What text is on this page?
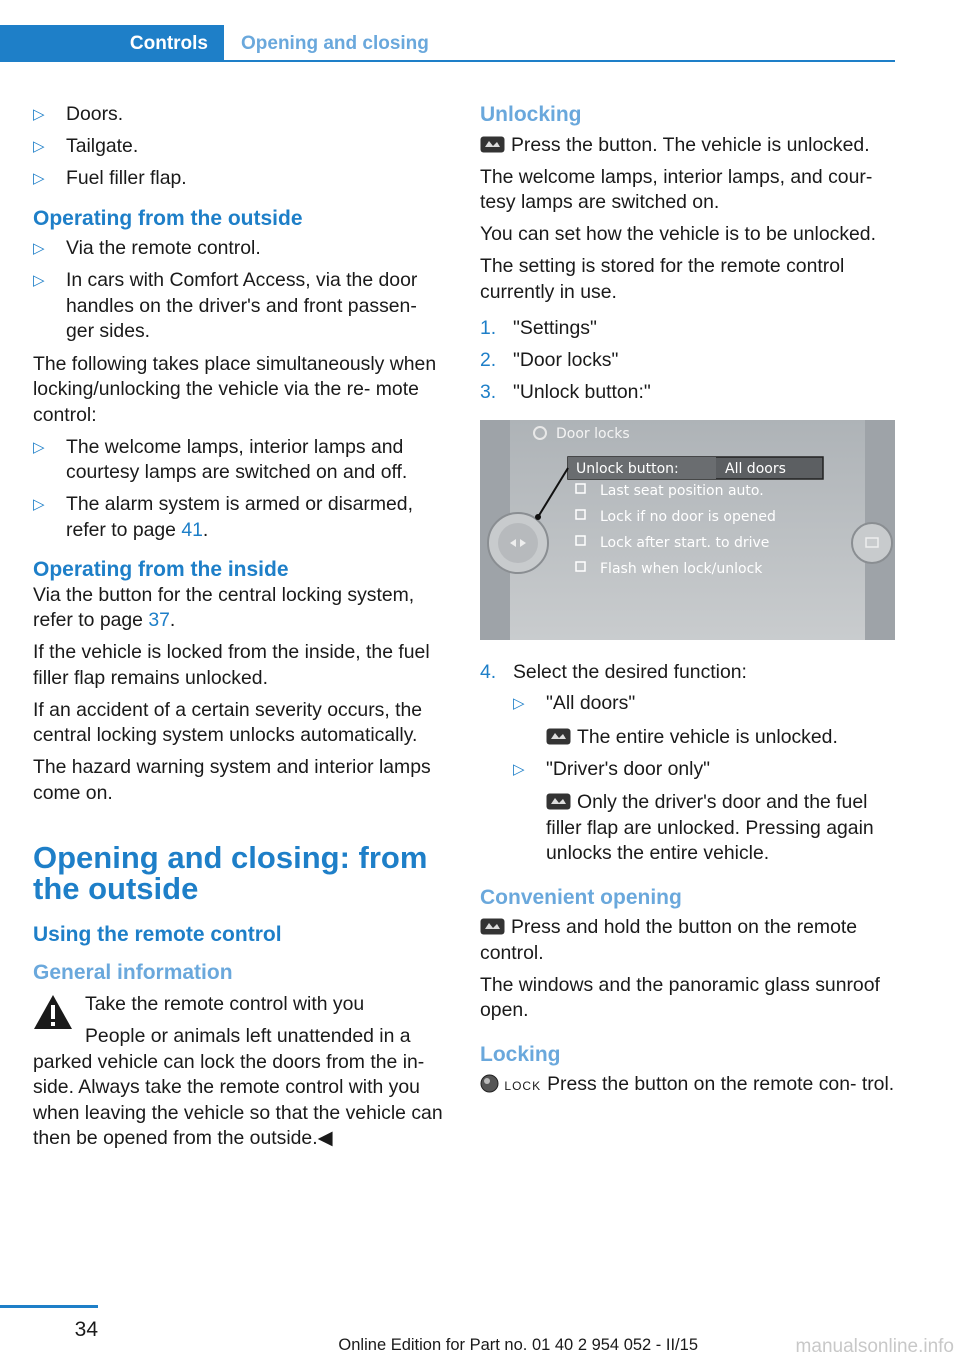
Controls	Opening and closing
▷ Doors.
▷ Tailgate.
▷ Fuel filler flap.
Operating from the outside
▷ Via the remote control.
▷ In cars with Comfort Access, via the door handles on the driver's and front passen‐ ger sides.

The following takes place simultaneously when locking/unlocking the vehicle via the re‐ mote control:

▷ The welcome lamps, interior lamps and courtesy lamps are switched on and off.
▷ The alarm system is armed or disarmed, refer to page 41.
Operating from the inside

Via the button for the central locking system, refer to page 37.

If the vehicle is locked from the inside, the fuel filler flap remains unlocked.

If an accident of a certain severity occurs, the central locking system unlocks automatically.

The hazard warning system and interior lamps come on.

Opening and closing: from the outside
Using the remote control
General information

Take the remote control with you

People or animals left unattended in a parked vehicle can lock the doors from the in‐ side. Always take the remote control with you when leaving the vehicle so that the vehicle can then be opened from the outside.◀

Unlocking

Press the button. The vehicle is unlocked.

The welcome lamps, interior lamps, and cour‐ tesy lamps are switched on.

You can set how the vehicle is to be unlocked.

The setting is stored for the remote control currently in use.

1. "Settings"
2. "Door locks"
3. "Unlock button:"
Door locks
Unlock button:	All doors
Last seat position auto.
Lock if no door is opened
Lock after start. to drive
Flash when lock/unlock
4. Select the desired function:
▷ "All doors"
The entire vehicle is unlocked.
▷ "Driver's door only"
Only the driver's door and the fuel filler flap are unlocked. Pressing again unlocks the entire vehicle.
Convenient opening

Press and hold the button on the remote control.

The windows and the panoramic glass sunroof open.

Locking

LOCK Press the button on the remote con‐ trol.

34
Online Edition for Part no. 01 40 2 954 052 - II/15	manualsonline.info
